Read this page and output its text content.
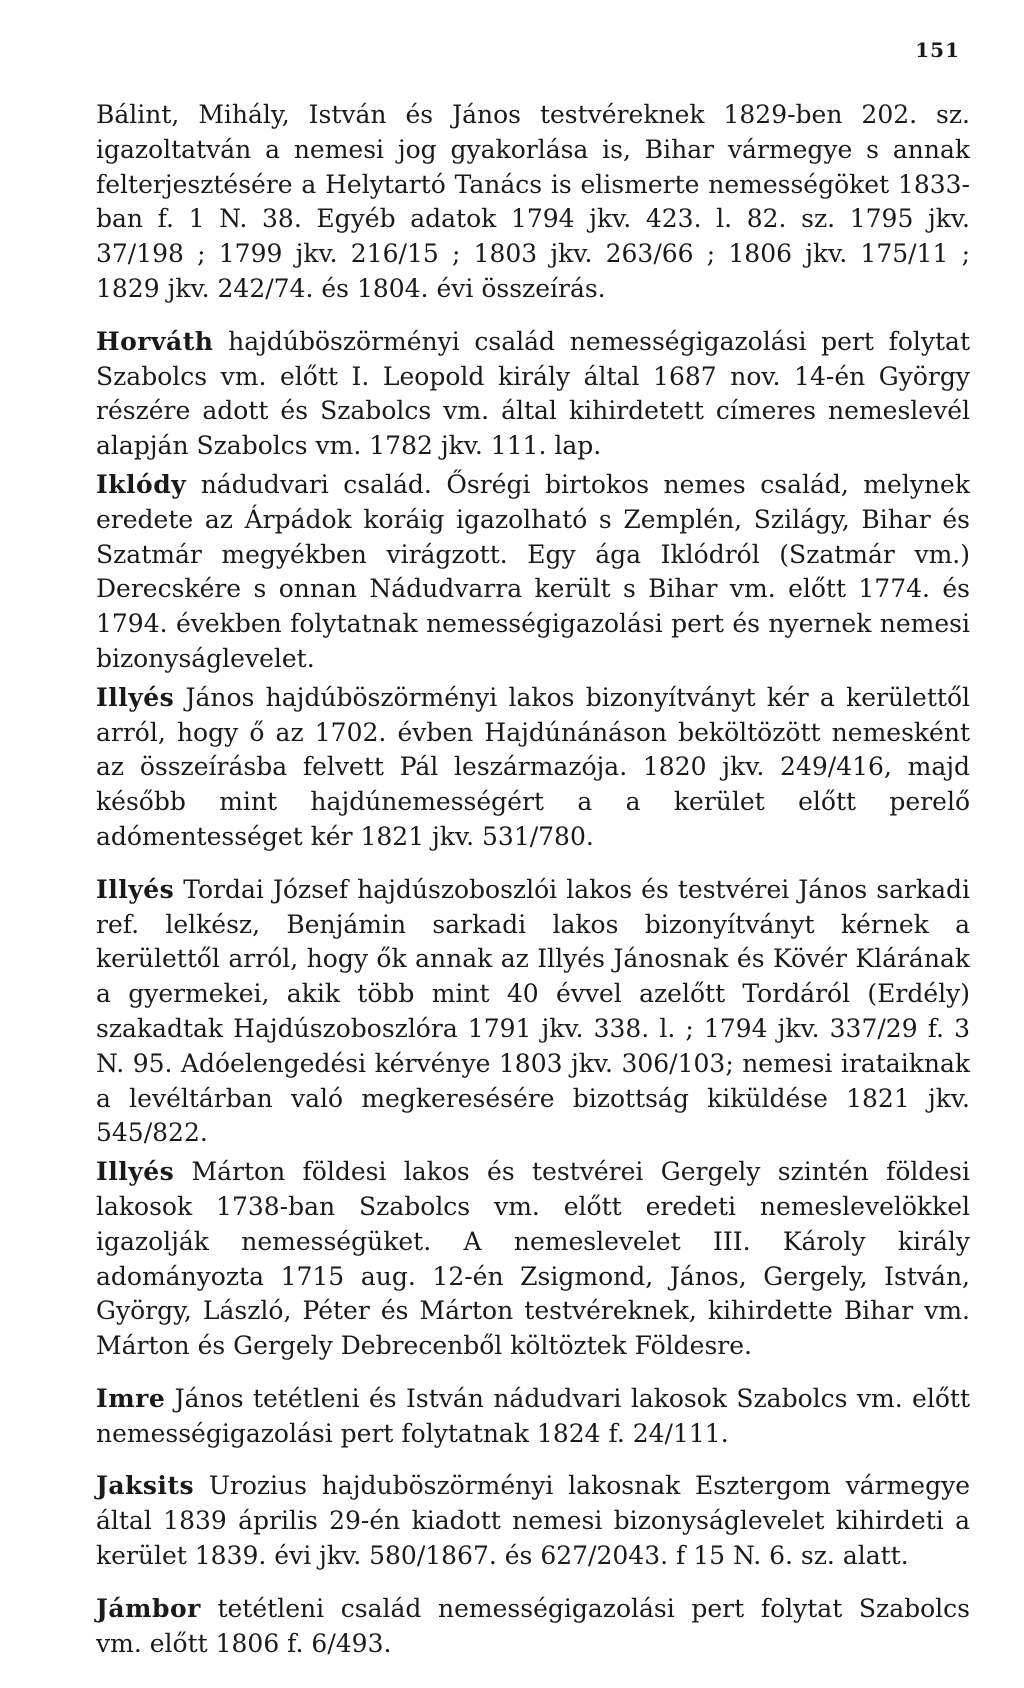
151

Bálint, Mihály, István és János testvéreknek 1829-ben 202. sz. igazoltatván a nemesi jog gyakorlása is, Bihar vármegye s annak felterjesztésére a Helytartó Tanács is elismerte nemességöket 1833-ban f. 1 N. 38. Egyéb adatok 1794 jkv. 423. l. 82. sz. 1795 jkv. 37/198 ; 1799 jkv. 216/15 ; 1803 jkv. 263/66 ; 1806 jkv. 175/11 ; 1829 jkv. 242/74. és 1804. évi összeírás.

Horváth hajdúböszörményi család nemességigazolási pert folytat Szabolcs vm. előtt I. Leopold király által 1687 nov. 14-én György részére adott és Szabolcs vm. által kihirdetett címeres nemeslevél alapján Szabolcs vm. 1782 jkv. 111. lap.

Iklódy nádudvari család. Ősrégi birtokos nemes család, melynek eredete az Árpádok koráig igazolható s Zemplén, Szilágy, Bihar és Szatmár megyékben virágzott. Egy ága Iklódról (Szatmár vm.) Derecskére s onnan Nádudvarra került s Bihar vm. előtt 1774. és 1794. években folytatnak nemességigazolási pert és nyernek nemesi bizonyságlevelet.

Illyés János hajdúböszörményi lakos bizonyítványt kér a kerülettől arról, hogy ő az 1702. évben Hajdúnánáson beköltözött nemesként az összeírásba felvett Pál leszármazója. 1820 jkv. 249/416, majd később mint hajdúnemességért a a kerület előtt perelő adómentességet kér 1821 jkv. 531/780.

Illyés Tordai József hajdúszoboszlói lakos és testvérei János sarkadi ref. lelkész, Benjámin sarkadi lakos bizonyítványt kérnek a kerülettől arról, hogy ők annak az Illyés Jánosnak és Kövér Klárának a gyermekei, akik több mint 40 évvel azelőtt Tordáról (Erdély) szakadtak Hajdúszoboszlóra 1791 jkv. 338. l. ; 1794 jkv. 337/29 f. 3 N. 95. Adóelengedési kérvénye 1803 jkv. 306/103; nemesi irataiknak a levéltárban való megkeresésére bizottság kiküldése 1821 jkv. 545/822.

Illyés Márton földesi lakos és testvérei Gergely szintén földesi lakosok 1738-ban Szabolcs vm. előtt eredeti nemeslevelökkel igazolják nemességüket. A nemeslevelet III. Károly király adományozta 1715 aug. 12-én Zsigmond, János, Gergely, István, György, László, Péter és Márton testvéreknek, kihirdette Bihar vm. Márton és Gergely Debrecenből költöztek Földesre.

Imre János tetétleni és István nádudvari lakosok Szabolcs vm. előtt nemességigazolási pert folytatnak 1824 f. 24/111.

Jaksits Urozius hajduböszörményi lakosnak Esztergom vármegye által 1839 április 29-én kiadott nemesi bizonyságlevelet kihirdeti a kerület 1839. évi jkv. 580/1867. és 627/2043. f 15 N. 6. sz. alatt.

Jámbor tetétleni család nemességigazolási pert folytat Szabolcs vm. előtt 1806 f. 6/493.
